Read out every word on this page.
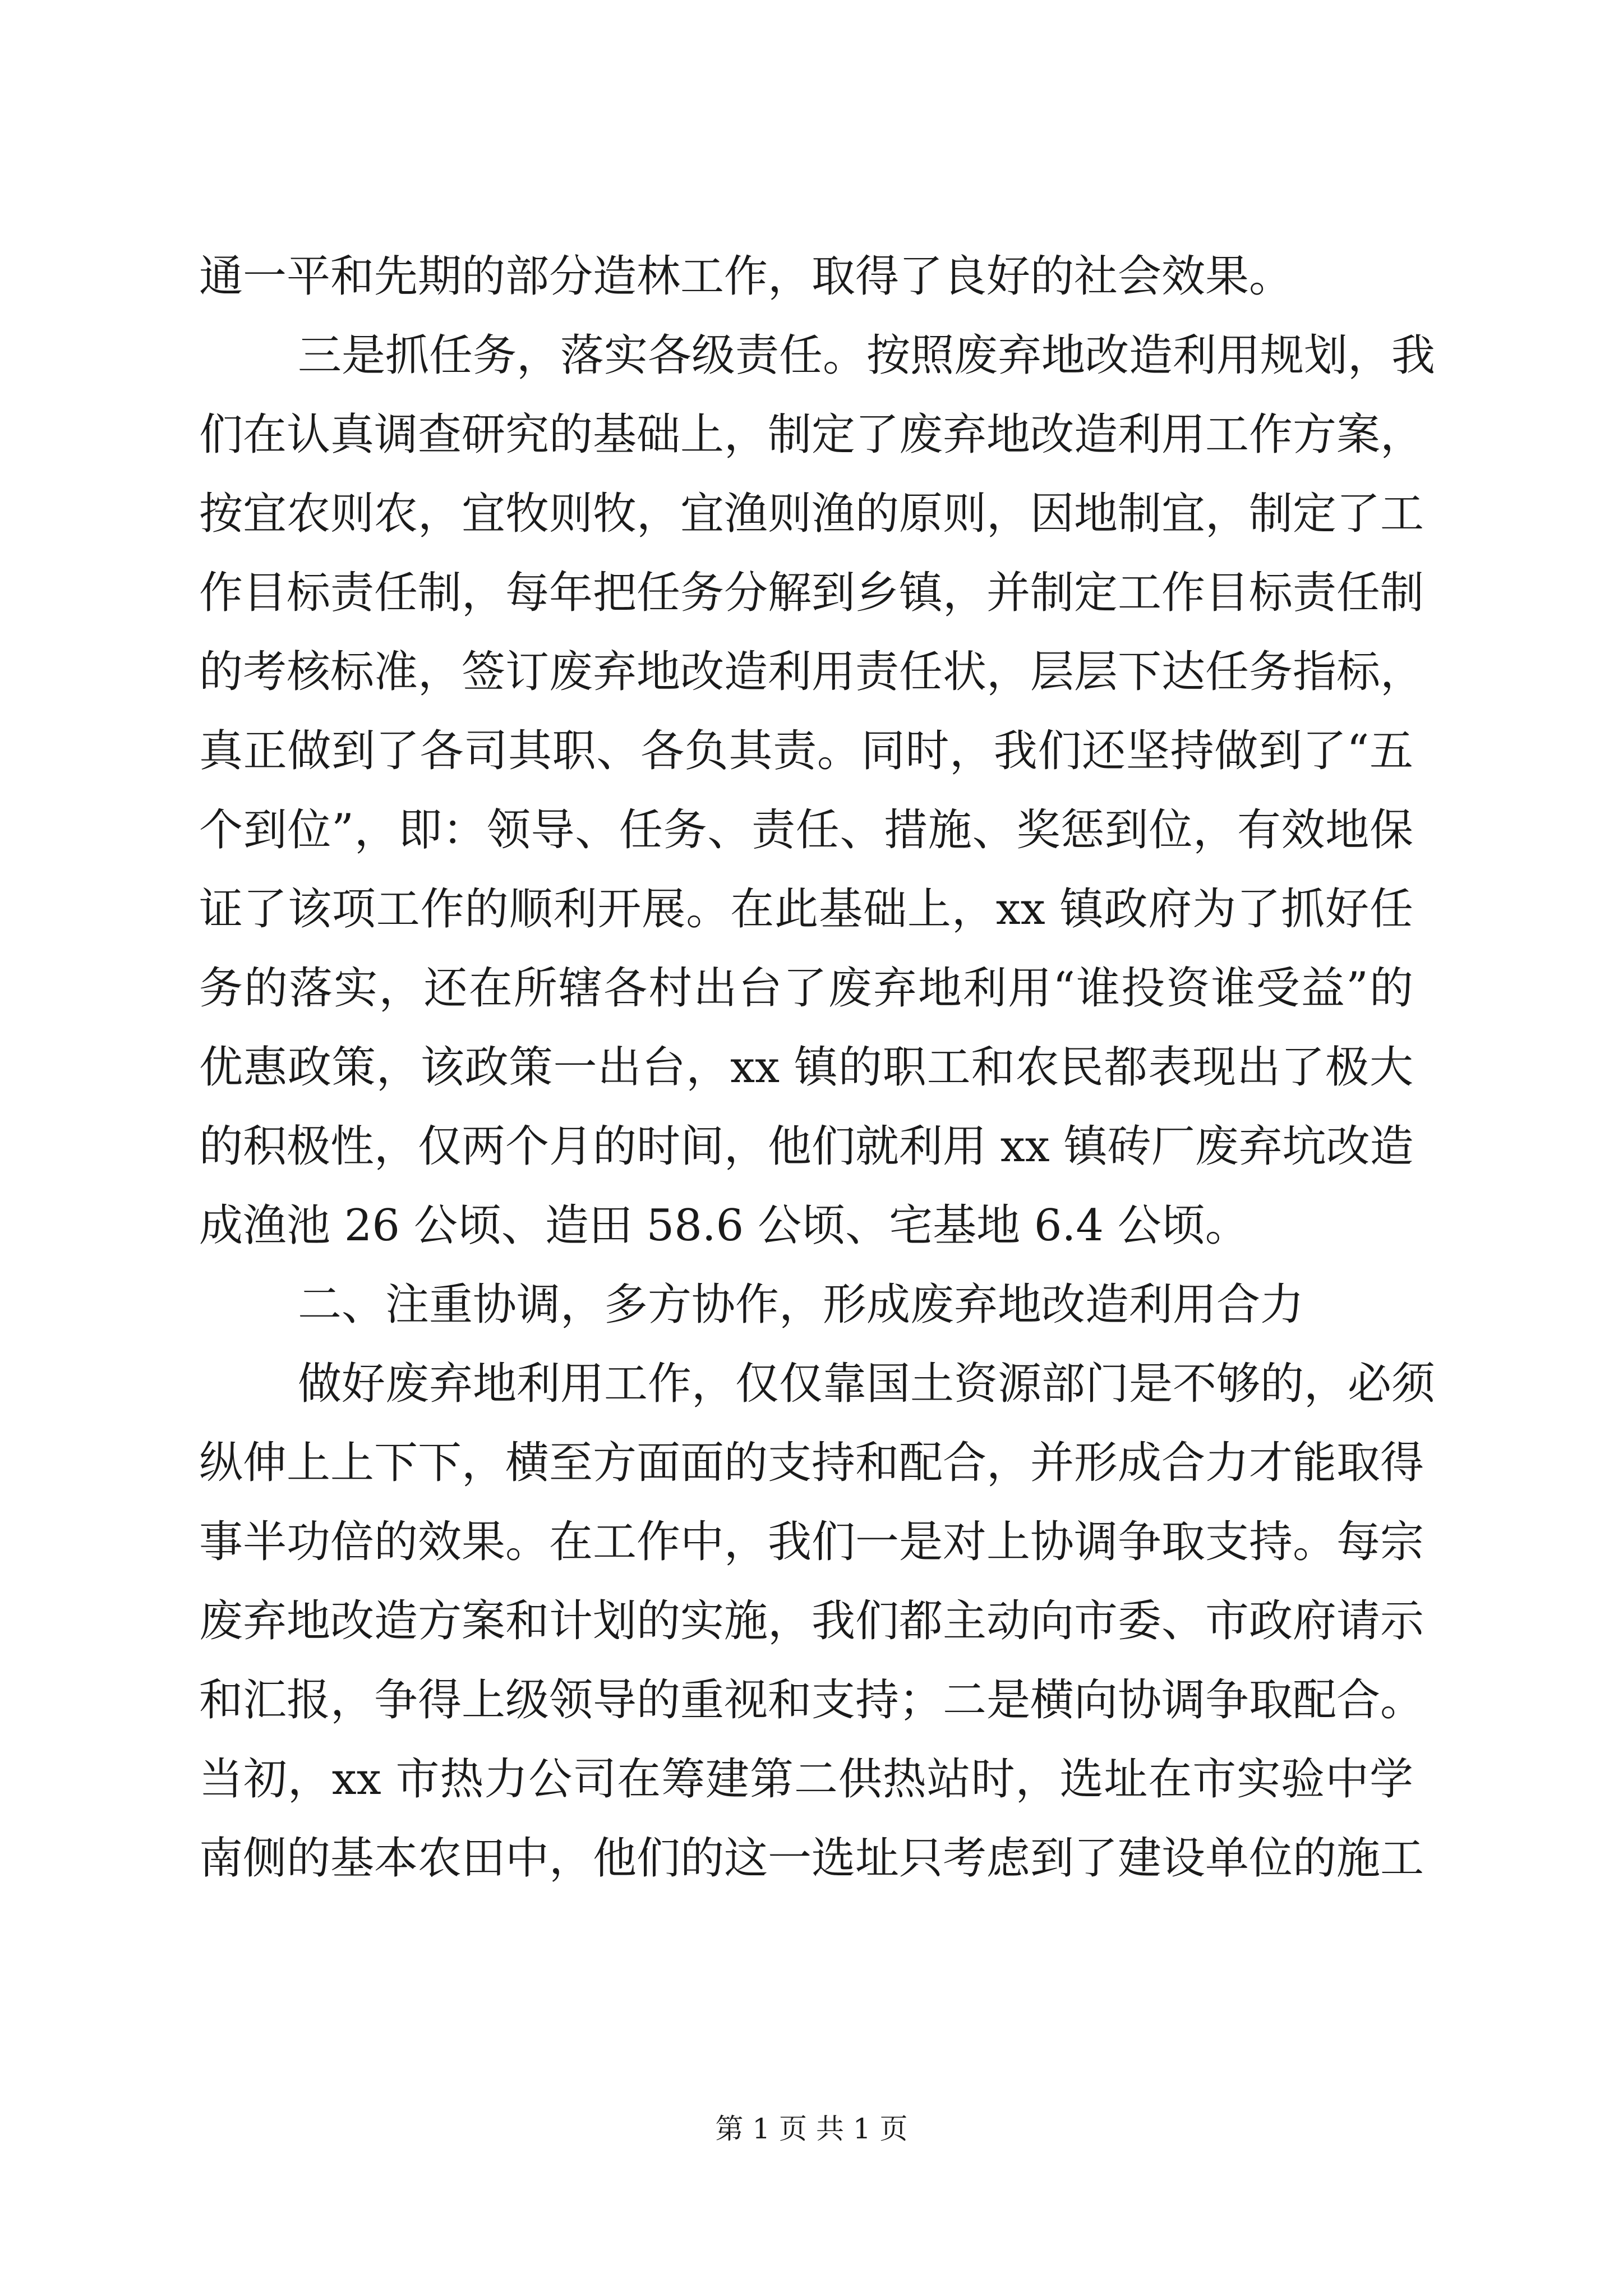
通一平和先期的部分造林工作，取得了良好的社会效果。
三是抓任务，落实各级责任。按照废弃地改造利用规划，我
们在认真调查研究的基础上，制定了废弃地改造利用工作方案，
按宜农则农，宜牧则牧，宜渔则渔的原则，因地制宜，制定了工
作目标责任制，每年把任务分解到乡镇，并制定工作目标责任制
的考核标准，签订废弃地改造利用责任状，层层下达任务指标，
真正做到了各司其职、各负其责。同时，我们还坚持做到了“五
个到位”，即：领导、任务、责任、措施、奖惩到位，有效地保
证了该项工作的顺利开展。在此基础上，xx 镇政府为了抓好任
务的落实，还在所辖各村出台了废弃地利用“谁投资谁受益”的
优惠政策，该政策一出台，xx 镇的职工和农民都表现出了极大
的积极性，仅两个月的时间，他们就利用 xx 镇砖厂废弃坑改造
成渔池 26 公顷、造田 58.6 公顷、宅基地 6.4 公顷。
二、注重协调，多方协作，形成废弃地改造利用合力
做好废弃地利用工作，仅仅靠国土资源部门是不够的，必须
纵伸上上下下，横至方面面的支持和配合，并形成合力才能取得
事半功倍的效果。在工作中，我们一是对上协调争取支持。每宗
废弃地改造方案和计划的实施，我们都主动向市委、市政府请示
和汇报，争得上级领导的重视和支持；二是横向协调争取配合。
当初，xx 市热力公司在筹建第二供热站时，选址在市实验中学
南侧的基本农田中，他们的这一选址只考虑到了建设单位的施工
第 1 页 共 1 页
